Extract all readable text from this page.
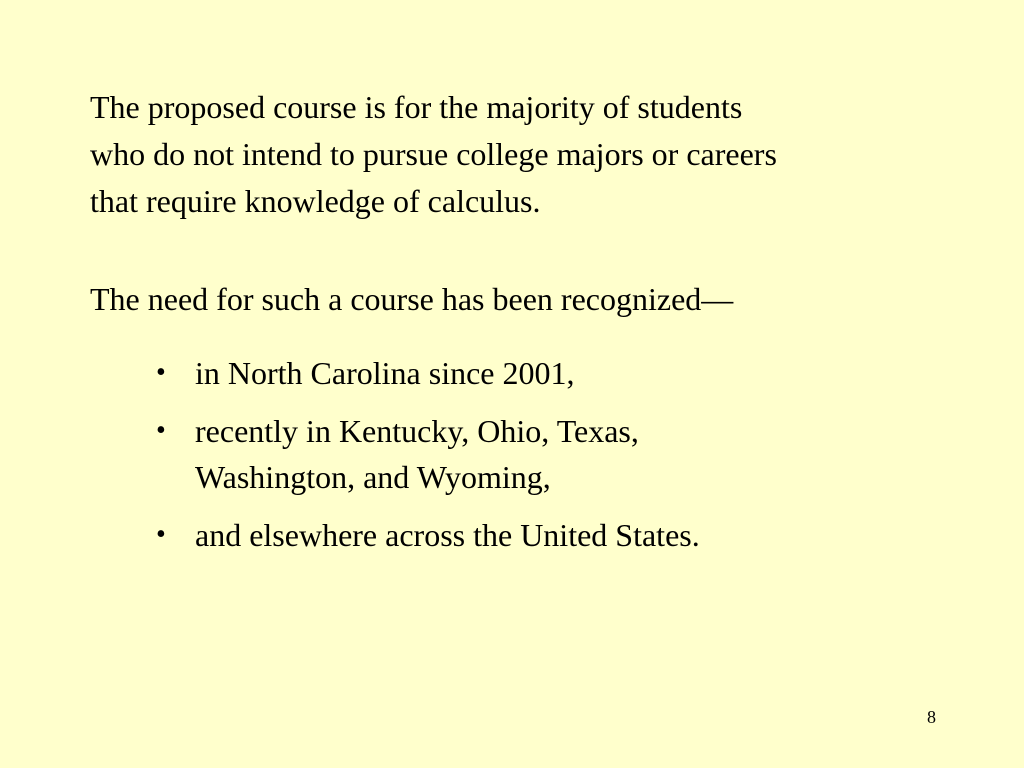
The proposed course is for the majority of students
who do not intend to pursue college majors or careers
that require knowledge of calculus.

The need for such a course has been recognized—

• in North Carolina since 2001,
• recently in Kentucky, Ohio, Texas,
Washington, and Wyoming,
• and elsewhere across the United States.
8
